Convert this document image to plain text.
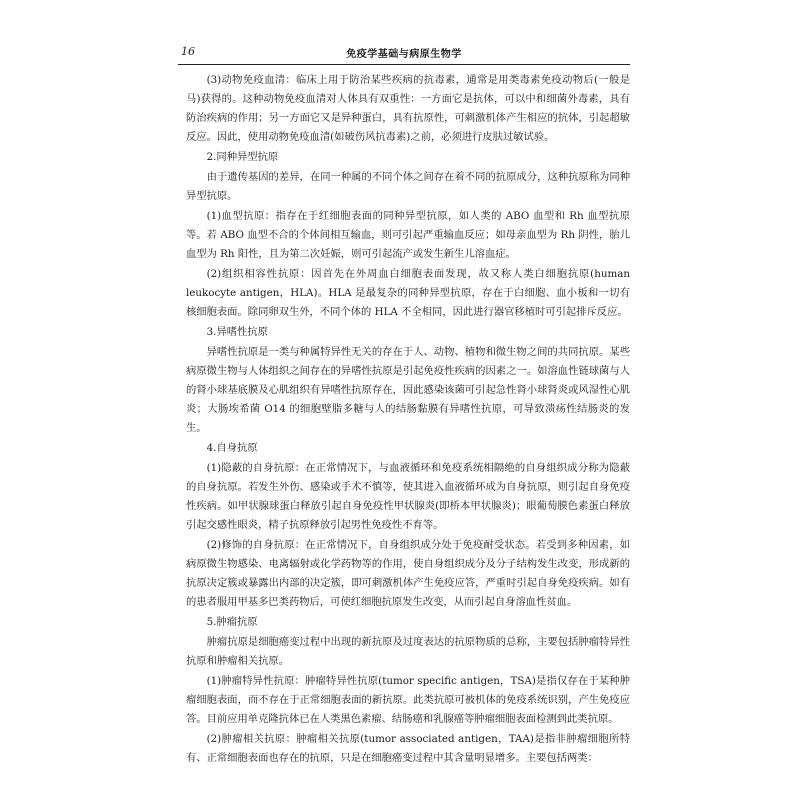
16	免疫学基础与病原生物学

(3)动物免疫血清：临床上用于防治某些疾病的抗毒素，通常是用类毒素免疫动物后(一般是马)获得的。这种动物免疫血清对人体具有双重性：一方面它是抗体，可以中和细菌外毒素，具有防治疾病的作用；另一方面它又是异种蛋白，具有抗原性，可刺激机体产生相应的抗体，引起超敏反应。因此，使用动物免疫血清(如破伤风抗毒素)之前，必须进行皮肤过敏试验。

2.同种异型抗原

由于遗传基因的差异，在同一种属的不同个体之间存在着不同的抗原成分，这种抗原称为同种异型抗原。

(1)血型抗原：指存在于红细胞表面的同种异型抗原，如人类的 ABO 血型和 Rh 血型抗原等。若 ABO 血型不合的个体间相互输血，则可引起严重输血反应；如母亲血型为 Rh 阴性，胎儿血型为 Rh 阳性，且为第二次妊娠，则可引起流产或发生新生儿溶血症。

(2)组织相容性抗原：因首先在外周血白细胞表面发现，故又称人类白细胞抗原(human leukocyte antigen，HLA)。HLA 是最复杂的同种异型抗原，存在于白细胞、血小板和一切有核细胞表面。除同卵双生外，不同个体的 HLA 不全相同，因此进行器官移植时可引起排斥反应。

3.异嗜性抗原

异嗜性抗原是一类与种属特异性无关的存在于人、动物、植物和微生物之间的共同抗原。某些病原微生物与人体组织之间存在的异嗜性抗原是引起免疫性疾病的因素之一。如溶血性链球菌与人的肾小球基底膜及心肌组织有异嗜性抗原存在，因此感染该菌可引起急性肾小球肾炎或风湿性心肌炎；大肠埃希菌 O14 的细胞壁脂多糖与人的结肠黏膜有异嗜性抗原，可导致溃疡性结肠炎的发生。

4.自身抗原

(1)隐蔽的自身抗原：在正常情况下，与血液循环和免疫系统相隔绝的自身组织成分称为隐蔽的自身抗原。若发生外伤、感染或手术不慎等，使其进入血液循环成为自身抗原，则引起自身免疫性疾病。如甲状腺球蛋白释放引起自身免疫性甲状腺炎(即桥本甲状腺炎)；眼葡萄膜色素蛋白释放引起交感性眼炎，精子抗原释放引起男性免疫性不育等。

(2)修饰的自身抗原：在正常情况下，自身组织成分处于免疫耐受状态。若受到多种因素，如病原微生物感染、电离辐射或化学药物等的作用，使自身组织成分及分子结构发生改变，形成新的抗原决定簇或暴露出内部的决定簇，即可刺激机体产生免疫应答，严重时引起自身免疫疾病。如有的患者服用甲基多巴类药物后，可使红细胞抗原发生改变，从而引起自身溶血性贫血。

5.肿瘤抗原

肿瘤抗原是细胞癌变过程中出现的新抗原及过度表达的抗原物质的总称，主要包括肿瘤特异性抗原和肿瘤相关抗原。

(1)肿瘤特异性抗原：肿瘤特异性抗原(tumor specific antigen，TSA)是指仅存在于某种肿瘤细胞表面，而不存在于正常细胞表面的新抗原。此类抗原可被机体的免疫系统识别，产生免疫应答。目前应用单克隆抗体已在人类黑色素瘤、结肠癌和乳腺癌等肿瘤细胞表面检测到此类抗原。

(2)肿瘤相关抗原：肿瘤相关抗原(tumor associated antigen，TAA)是指非肿瘤细胞所特有、正常细胞表面也存在的抗原，只是在细胞癌变过程中其含量明显增多。主要包括两类：
